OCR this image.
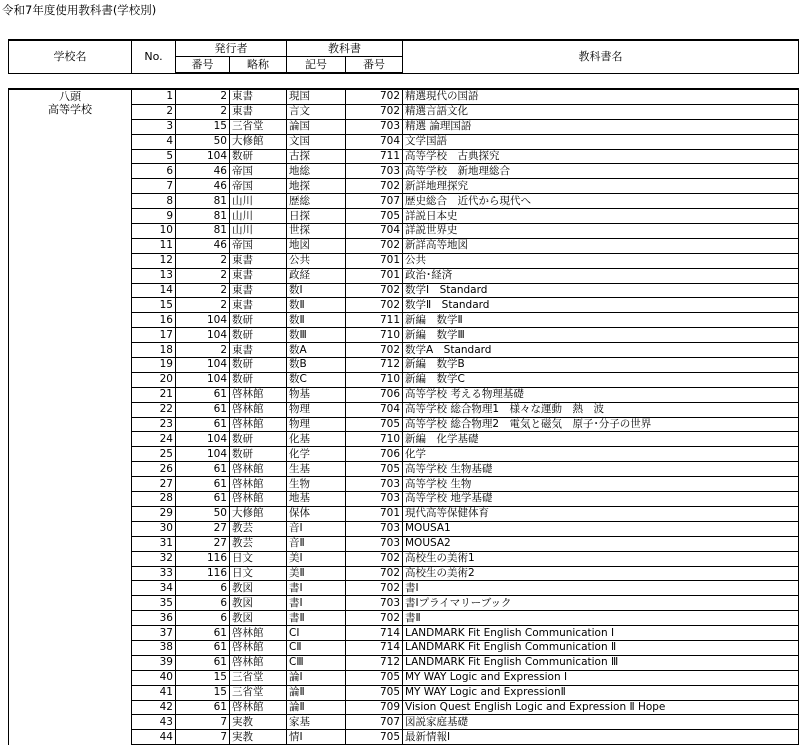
令和7年度使用教科書(学校別)
学校名	No.	発行者		教科書		教科書名
		番号	略称	記号	番号	
八頭
高等学校	1	2	東書	現国	702	精選現代の国語
	2	2	東書	言文	702	精選言語文化
	3	15	三省堂	論国	703	精選 論理国語
	4	50	大修館	文国	704	文学国語
	5	104	数研	古探	711	高等学校　古典探究
	6	46	帝国	地総	703	高等学校　新地理総合
	7	46	帝国	地探	702	新詳地理探究
	8	81	山川	歴総	707	歴史総合　近代から現代へ
	9	81	山川	日探	705	詳説日本史
	10	81	山川	世探	704	詳説世界史
	11	46	帝国	地図	702	新詳高等地図
	12	2	東書	公共	701	公共
	13	2	東書	政経	701	政治･経済
	14	2	東書	数Ⅰ	702	数学Ⅰ　Standard
	15	2	東書	数Ⅱ	702	数学Ⅱ　Standard
	16	104	数研	数Ⅱ	711	新編　数学Ⅱ
	17	104	数研	数Ⅲ	710	新編　数学Ⅲ
	18	2	東書	数A	702	数学A　Standard
	19	104	数研	数B	712	新編　数学B
	20	104	数研	数C	710	新編　数学C
	21	61	啓林館	物基	706	高等学校 考える物理基礎
	22	61	啓林館	物理	704	高等学校 総合物理1　様々な運動　熱　波
	23	61	啓林館	物理	705	高等学校 総合物理2　電気と磁気　原子･分子の世界
	24	104	数研	化基	710	新編　化学基礎
	25	104	数研	化学	706	化学
	26	61	啓林館	生基	705	高等学校 生物基礎
	27	61	啓林館	生物	703	高等学校 生物
	28	61	啓林館	地基	703	高等学校 地学基礎
	29	50	大修館	保体	701	現代高等保健体育
	30	27	教芸	音Ⅰ	703	MOUSA1
	31	27	教芸	音Ⅱ	703	MOUSA2
	32	116	日文	美Ⅰ	702	高校生の美術1
	33	116	日文	美Ⅱ	702	高校生の美術2
	34	6	教図	書Ⅰ	702	書Ⅰ
	35	6	教図	書Ⅰ	703	書Ⅰプライマリーブック
	36	6	教図	書Ⅱ	702	書Ⅱ
	37	61	啓林館	CⅠ	714	LANDMARK Fit English Communication Ⅰ
	38	61	啓林館	CⅡ	714	LANDMARK Fit English Communication Ⅱ
	39	61	啓林館	CⅢ	712	LANDMARK Fit English Communication Ⅲ
	40	15	三省堂	論Ⅰ	705	MY WAY Logic and Expression Ⅰ
	41	15	三省堂	論Ⅱ	705	MY WAY Logic and ExpressionⅡ
	42	61	啓林館	論Ⅱ	709	Vision Quest English Logic and Expression Ⅱ Hope
	43	7	実教	家基	707	図説家庭基礎
	44	7	実教	情Ⅰ	705	最新情報Ⅰ
